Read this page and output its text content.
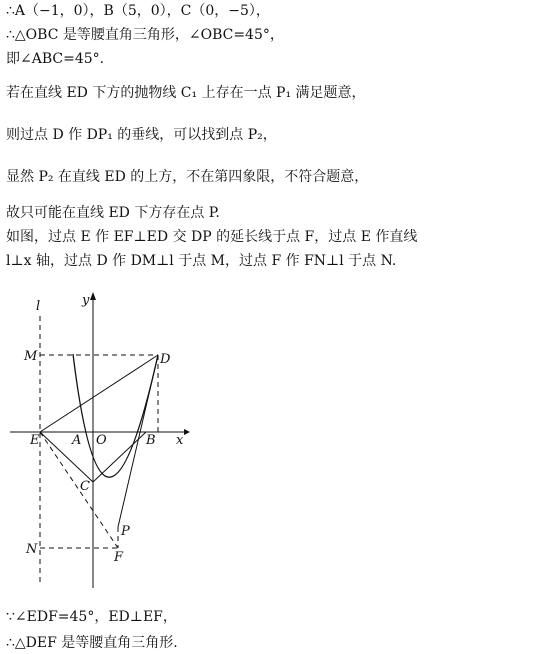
∴A（−1，0），B（5，0），C（0，−5），
∴△OBC 是等腰直角三角形，∠OBC=45°，
即∠ABC=45°.
若在直线 ED 下方的抛物线 C₁ 上存在一点 P₁ 满足题意，
则过点 D 作 DP₁ 的垂线，可以找到点 P₂，
显然 P₂ 在直线 ED 的上方，不在第四象限，不符合题意，
故只可能在直线 ED 下方存在点 P.
如图，过点 E 作 EF⊥ED 交 DP 的延长线于点 F，过点 E 作直线
l⊥x 轴，过点 D 作 DM⊥l 于点 M，过点 F 作 FN⊥l 于点 N.
y
x
l
M	D
E	A O	B
C
P
N
F
∵∠EDF=45°，ED⊥EF，
∴△DEF 是等腰直角三角形.
